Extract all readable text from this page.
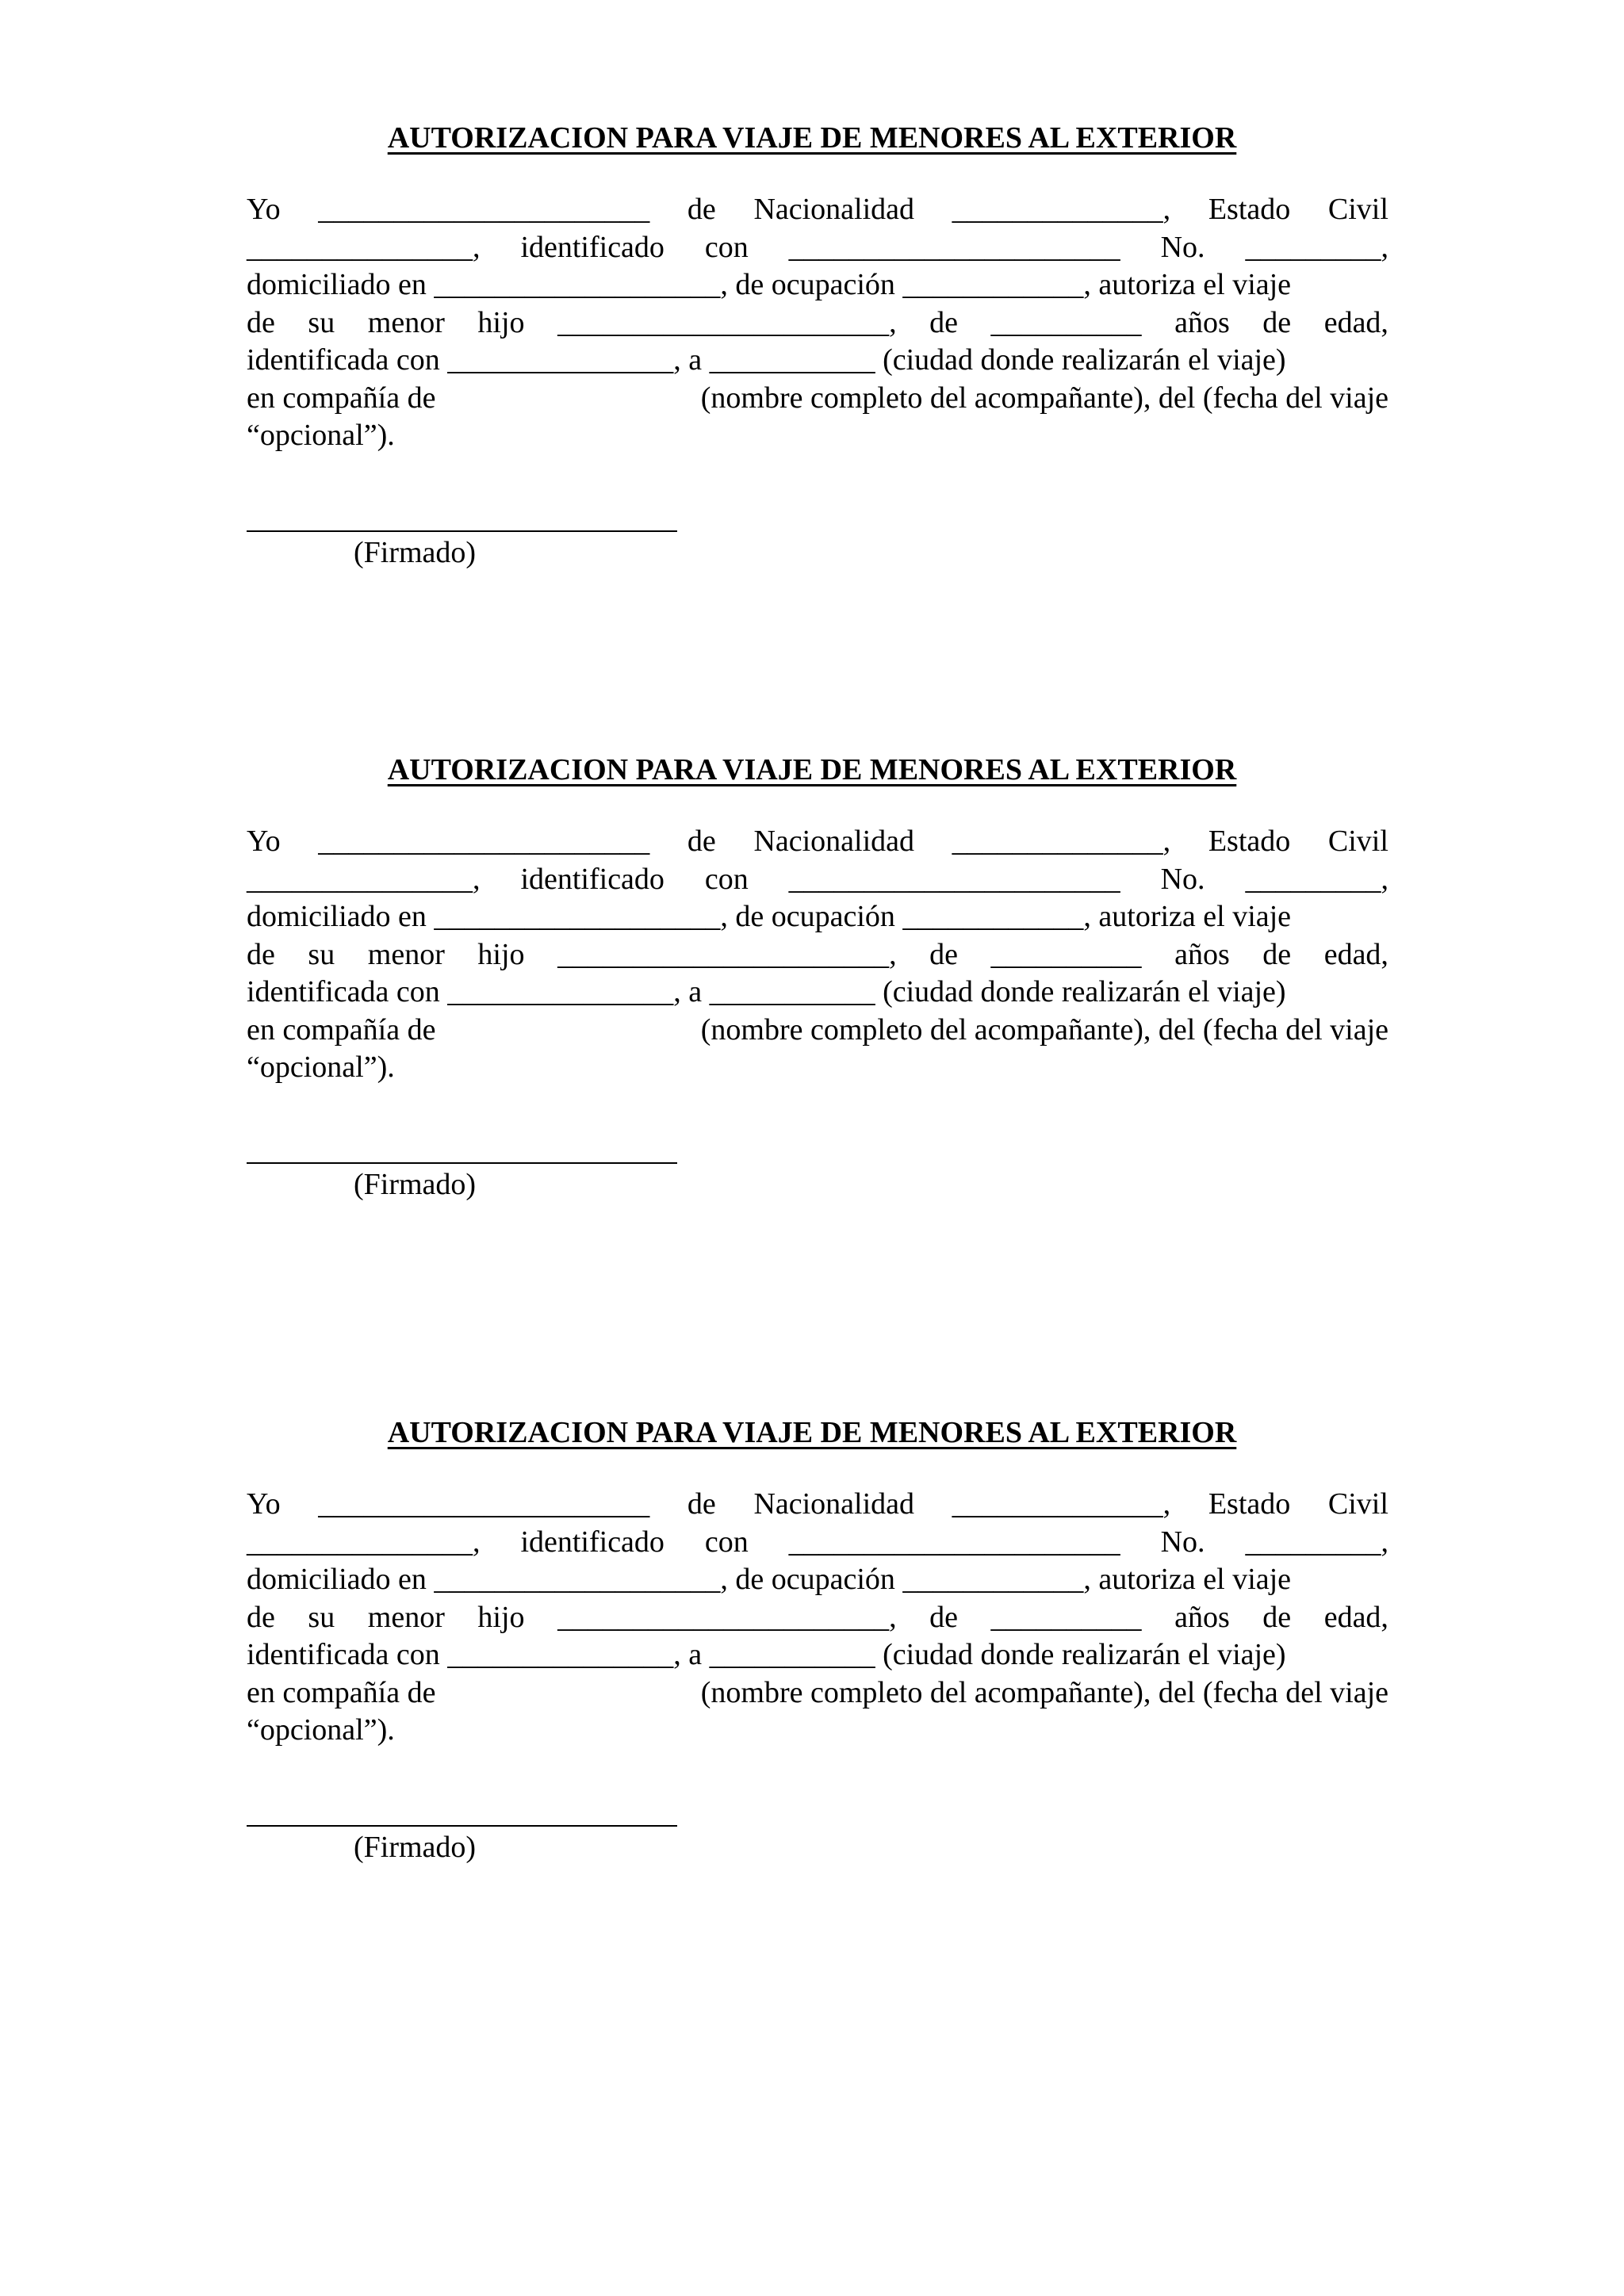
AUTORIZACION PARA VIAJE DE MENORES AL EXTERIOR
Yo ______________________ de Nacionalidad ______________, Estado Civil
_______________, identificado con ______________________ No. _________,
domiciliado en ___________________, de ocupación ____________, autoriza el viaje
de su menor hijo ______________________, de __________ años de edad,
identificada con _______________, a ___________ (ciudad donde realizarán el viaje)
en compañía de	(nombre completo del acompañante), del (fecha del viaje
“opcional”).
(Firmado)
AUTORIZACION PARA VIAJE DE MENORES AL EXTERIOR
Yo ______________________ de Nacionalidad ______________, Estado Civil
_______________, identificado con ______________________ No. _________,
domiciliado en ___________________, de ocupación ____________, autoriza el viaje
de su menor hijo ______________________, de __________ años de edad,
identificada con _______________, a ___________ (ciudad donde realizarán el viaje)
en compañía de	(nombre completo del acompañante), del (fecha del viaje
“opcional”).
(Firmado)
AUTORIZACION PARA VIAJE DE MENORES AL EXTERIOR
Yo ______________________ de Nacionalidad ______________, Estado Civil
_______________, identificado con ______________________ No. _________,
domiciliado en ___________________, de ocupación ____________, autoriza el viaje
de su menor hijo ______________________, de __________ años de edad,
identificada con _______________, a ___________ (ciudad donde realizarán el viaje)
en compañía de	(nombre completo del acompañante), del (fecha del viaje
“opcional”).
(Firmado)
